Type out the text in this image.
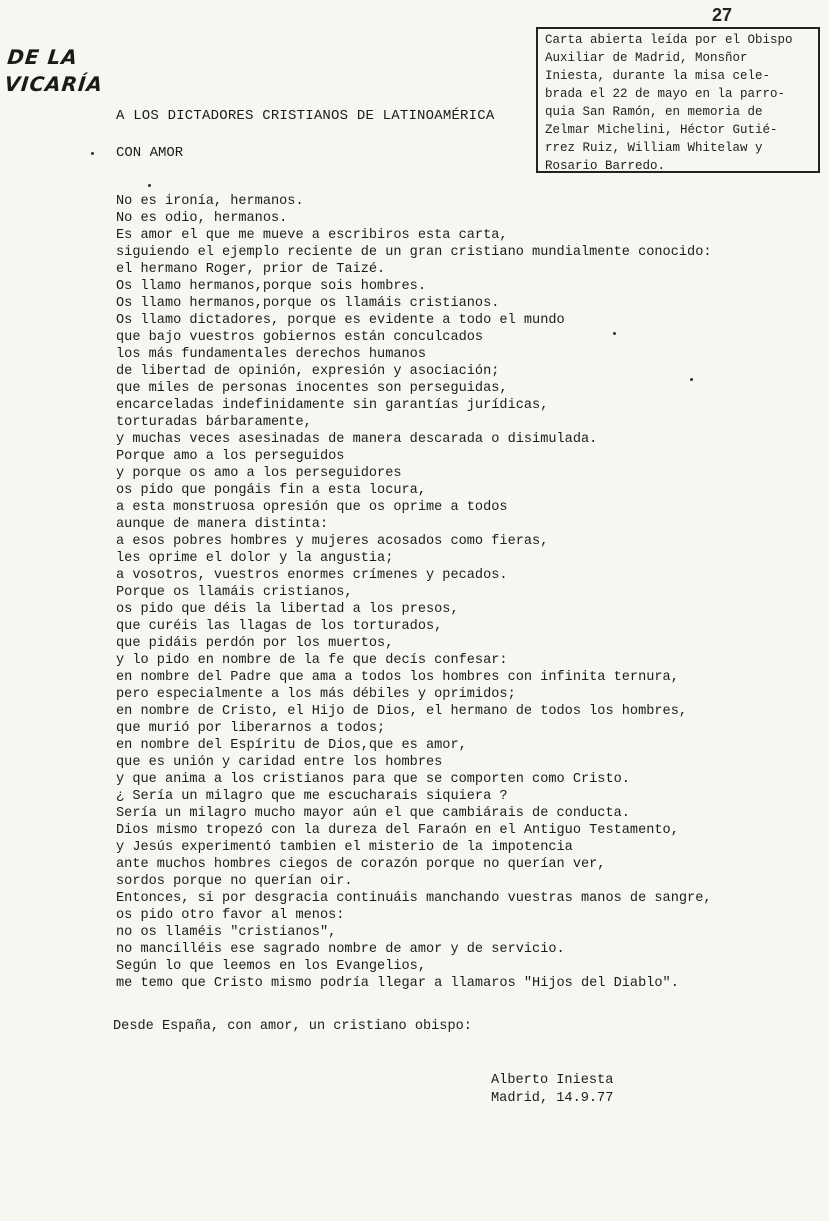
27
DE LA
VICARÍA
Carta abierta leída por el Obispo
Auxiliar de Madrid, Monsñor
Iniesta, durante la misa cele-
brada el 22 de mayo en la parro-
quia San Ramón, en memoria de
Zelmar Michelini, Héctor Gutié-
rrez Ruiz, William Whitelaw y
Rosario Barredo.
A LOS DICTADORES CRISTIANOS DE LATINOAMÉRICA
CON AMOR
No es ironía, hermanos.
No es odio, hermanos.
Es amor el que me mueve a escribiros esta carta,
siguiendo el ejemplo reciente de un gran cristiano mundialmente conocido:
el hermano Roger, prior de Taizé.
Os llamo hermanos,porque sois hombres.
Os llamo hermanos,porque os llamáis cristianos.
Os llamo dictadores, porque es evidente a todo el mundo
que bajo vuestros gobiernos están conculcados
los más fundamentales derechos humanos
de libertad de opinión, expresión y asociación;
que miles de personas inocentes son perseguidas,
encarceladas indefinidamente sin garantías jurídicas,
torturadas bárbaramente,
y muchas veces asesinadas de manera descarada o disimulada.
Porque amo a los perseguidos
y porque os amo a los perseguidores
os pido que pongáis fin a esta locura,
a esta monstruosa opresión que os oprime a todos
aunque de manera distinta:
a esos pobres hombres y mujeres acosados como fieras,
les oprime el dolor y la angustia;
a vosotros, vuestros enormes crímenes y pecados.
Porque os llamáis cristianos,
os pido que déis la libertad a los presos,
que curéis las llagas de los torturados,
que pidáis perdón por los muertos,
y lo pido en nombre de la fe que decís confesar:
en nombre del Padre que ama a todos los hombres con infinita ternura,
pero especialmente a los más débiles y oprimidos;
en nombre de Cristo, el Hijo de Dios, el hermano de todos los hombres,
que murió por liberarnos a todos;
en nombre del Espíritu de Dios,que es amor,
que es unión y caridad entre los hombres
y que anima a los cristianos para que se comporten como Cristo.
¿ Sería un milagro que me escucharais siquiera ?
Sería un milagro mucho mayor aún el que cambiárais de conducta.
Dios mismo tropezó con la dureza del Faraón en el Antiguo Testamento,
y Jesús experimentó tambien el misterio de la impotencia
ante muchos hombres ciegos de corazón porque no querían ver,
sordos porque no querían oir.
Entonces, si por desgracia continuáis manchando vuestras manos de sangre,
os pido otro favor al menos:
no os llaméis "cristianos",
no mancilléis ese sagrado nombre de amor y de servicio.
Según lo que leemos en los Evangelios,
me temo que Cristo mismo podría llegar a llamaros "Hijos del Diablo".
Desde España, con amor, un cristiano obispo:
Alberto Iniesta
Madrid, 14.9.77
